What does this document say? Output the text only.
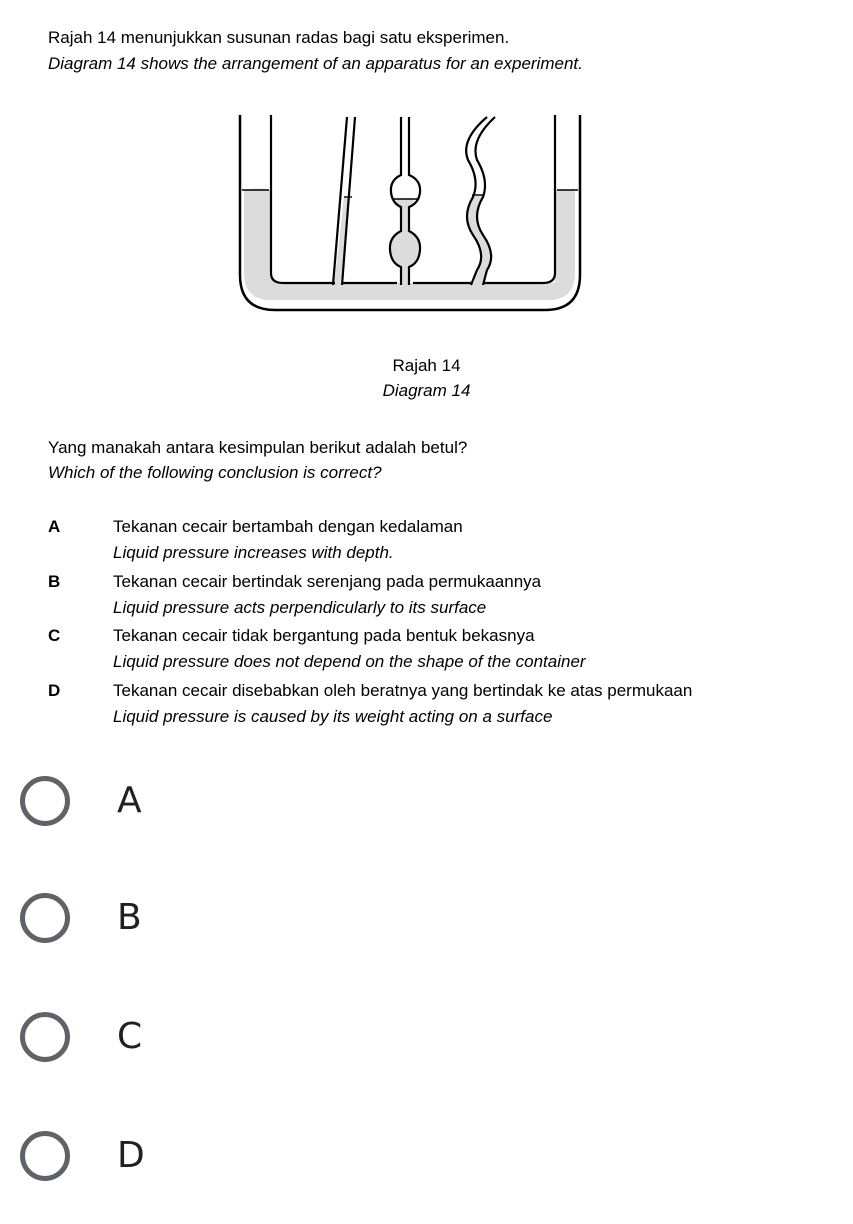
Rajah 14 menunjukkan susunan radas bagi satu eksperimen.
Diagram 14 shows the arrangement of an apparatus for an experiment.
Rajah 14
Diagram 14
Yang manakah antara kesimpulan berikut adalah betul?
Which of the following conclusion is correct?
A	Tekanan cecair bertambah dengan kedalaman
Liquid pressure increases with depth.
B	Tekanan cecair bertindak serenjang pada permukaannya
Liquid pressure acts perpendicularly to its surface
C	Tekanan cecair tidak bergantung pada bentuk bekasnya
Liquid pressure does not depend on the shape of the container
D	Tekanan cecair disebabkan oleh beratnya yang bertindak ke atas permukaan
Liquid pressure is caused by its weight acting on a surface
A
B
C
D
